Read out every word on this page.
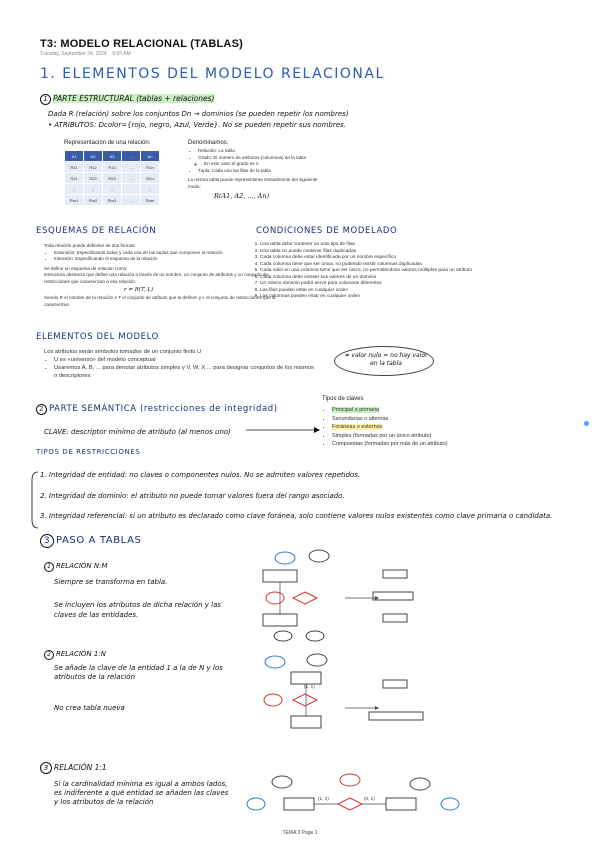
T3: MODELO RELACIONAL (TABLAS)
Tuesday, September 24, 2024 9:55 AM
1. ELEMENTOS DEL MODELO RELACIONAL
1 PARTE ESTRUCTURAL (tablas + relaciones)
Dada R (relación) sobre los conjuntos Dn → dominios (se pueden repetir los nombres)
• ATRIBUTOS: Dcolor={rojo, negro, Azul, Verde}. No se pueden repetir sus nombres.
Representación de una relación:
A1	A2	A3	...	An
R11	R12	R13	...	R1n
R21	R22	R23	...	R2n
⋮	⋮	⋮		⋮
Rm1	Rm2	Rm3	...	Rmn
Denominamos:
• Relación: La tabla
• Grado: El número de atributos (columnas) de la tabla
◦ En este caso el grado es n.
• Tupla: Cada una las filas de la tabla
La misma tabla puede representarse textualmente del siguiente modo:
R(A1, A2, ..., An)
ESQUEMAS DE RELACIÓN
Toda relación puede definirse de dos formas:
• Extensión: Especificando todas y cada una de las tuplas que componen la relación
• Intensión: Especificando el esquema de la relación
Se define un esquema de relación como:
Estructura abstracta que define una relación a través de un nombre, un conjunto de atributos y un conjunto de restricciones que caracterizan a esa relación.
r = R(T, L)
Siendo R el nombre de la relación e T el conjunto de atributo que la definen y L el conjunto de restricciones que la caracterizan
CONDICIONES DE MODELADO
1. Una tabla debe contener un solo tipo de filas
2. Una tabla no puede contener filas duplicadas
3. Cada columna debe estar identificada por un nombre específico
4. Cada columna tiene que ser única, no pudiendo existir columnas duplicadas
5. Cada valor en una columna tiene que ser único, no permitiéndose valores múltiples para un atributo
6. Cada columna debe extraer sus valores de un dominio
7. Un mismo dominio podrá servir para columnas diferentes
8. Las filas pueden estar en cualquier orden
9. Las columnas pueden estar en cualquier orden
ELEMENTOS DEL MODELO
Los atributos serán símbolos tomados de un conjunto finito U
• U es «universo» del modelo conceptual
• Usaremos A, B, ... para denotar atributos simples y V, W, X ... para designar conjuntos de los mismos o descriptores
≠ valor nulo = no hay valor en la tabla
2 PARTE SEMÁNTICA (restricciones de integridad)
CLAVE: descriptor mínimo de atributo (al menos uno)
Tipos de claves
• Principal o primaria
• Secundarias o alternas
• Foráneas o externas
• Simples (formadas por un único atributo)
• Compuestas (formadas por más de un atributo)
TIPOS DE RESTRICCIONES
1. Integridad de entidad: no claves o componentes nulos. No se admiten valores repetidos.
2. Integridad de dominio: el atributo no puede tomar valores fuera del rango asociado.
3. Integridad referencial: si un atributo es declarado como clave foránea, solo contiene valores nulos existentes como clave primaria o candidata.
3 PASO A TABLAS
1 RELACIÓN N:M
Siempre se transforma en tabla.
Se incluyen los atributos de dicha relación y las claves de las entidades.
2 RELACIÓN 1:N
Se añade la clave de la entidad 1 a la de N y los atributos de la relación
No crea tabla nueva
3 RELACIÓN 1:1
Si la cardinalidad mínima es igual a ambos lados, es indiferente a qué entidad se añaden las claves y los atributos de la relación
(1, 1)
(1, 1)	(0, 1)
TEMA 3 Page 1
